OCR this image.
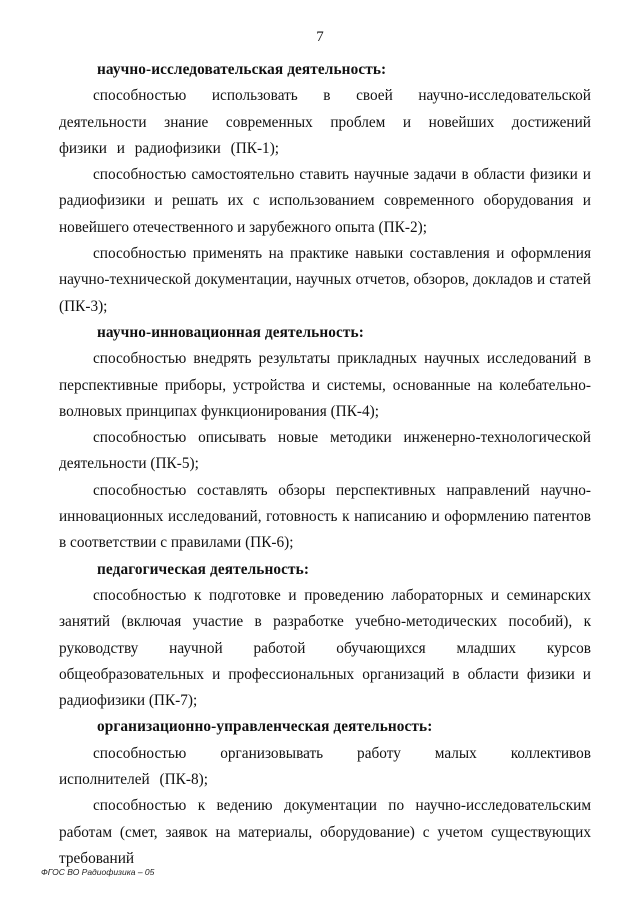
7

научно-исследовательская деятельность:

способностью использовать в своей научно-исследовательской деятельности знание современных проблем и новейших достижений физики и радиофизики (ПК-1);

способностью самостоятельно ставить научные задачи в области физики и радиофизики и решать их с использованием современного оборудования и новейшего отечественного и зарубежного опыта (ПК-2);

способностью применять на практике навыки составления и оформления научно-технической документации, научных отчетов, обзоров, докладов и статей (ПК-3);

научно-инновационная деятельность:

способностью внедрять результаты прикладных научных исследований в перспективные приборы, устройства и системы, основанные на колебательно-волновых принципах функционирования (ПК-4);

способностью описывать новые методики инженерно-технологической деятельности (ПК-5);

способностью составлять обзоры перспективных направлений научно-инновационных исследований, готовность к написанию и оформлению патентов в соответствии с правилами (ПК-6);

педагогическая деятельность:

способностью к подготовке и проведению лабораторных и семинарских занятий (включая участие в разработке учебно-методических пособий), к руководству научной работой обучающихся младших курсов общеобразовательных и профессиональных организаций в области физики и радиофизики (ПК-7);

организационно-управленческая деятельность:

способностью организовывать работу малых коллективов исполнителей (ПК-8);

способностью к ведению документации по научно-исследовательским работам (смет, заявок на материалы, оборудование) с учетом существующих требований

ФГОС ВО Радиофизика – 05
